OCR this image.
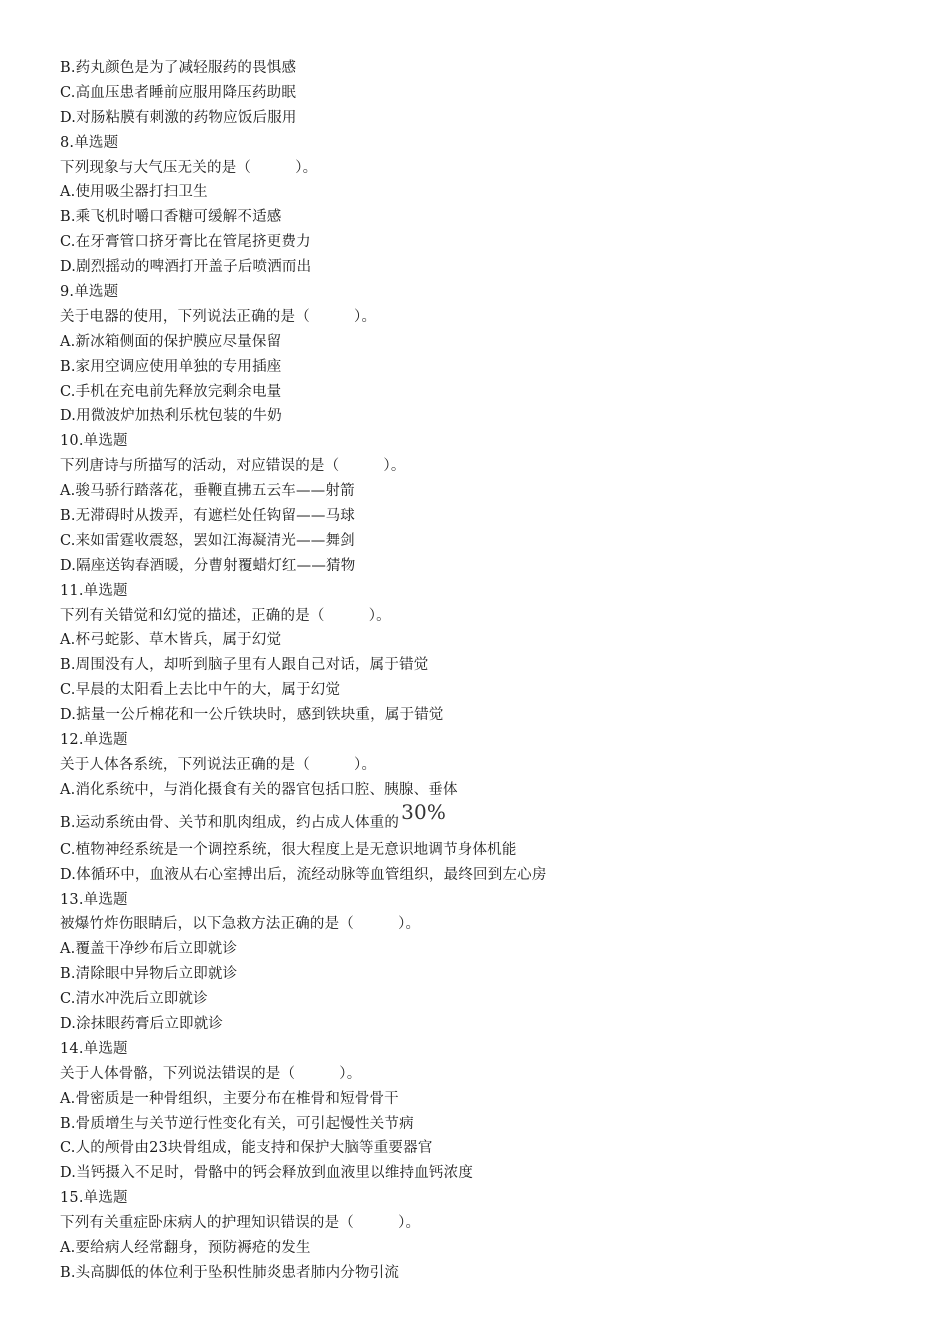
B.药丸颜色是为了减轻服药的畏惧感
C.高血压患者睡前应服用降压药助眠
D.对肠粘膜有刺激的药物应饭后服用
8.单选题
下列现象与大气压无关的是（　　　）。
A.使用吸尘器打扫卫生
B.乘飞机时嚼口香糖可缓解不适感
C.在牙膏管口挤牙膏比在管尾挤更费力
D.剧烈摇动的啤酒打开盖子后喷洒而出
9.单选题
关于电器的使用，下列说法正确的是（　　　）。
A.新冰箱侧面的保护膜应尽量保留
B.家用空调应使用单独的专用插座
C.手机在充电前先释放完剩余电量
D.用微波炉加热利乐枕包装的牛奶
10.单选题
下列唐诗与所描写的活动，对应错误的是（　　　）。
A.骏马骄行踏落花，垂鞭直拂五云车——射箭
B.无滞碍时从拨弄，有遮栏处任钩留——马球
C.来如雷霆收震怒，罢如江海凝清光——舞剑
D.隔座送钩春酒暖，分曹射覆蜡灯红——猜物
11.单选题
下列有关错觉和幻觉的描述，正确的是（　　　）。
A.杯弓蛇影、草木皆兵，属于幻觉
B.周围没有人，却听到脑子里有人跟自己对话，属于错觉
C.早晨的太阳看上去比中午的大，属于幻觉
D.掂量一公斤棉花和一公斤铁块时，感到铁块重，属于错觉
12.单选题
关于人体各系统，下列说法正确的是（　　　）。
A.消化系统中，与消化摄食有关的器官包括口腔、胰腺、垂体
B.运动系统由骨、关节和肌肉组成，约占成人体重的 30%
C.植物神经系统是一个调控系统，很大程度上是无意识地调节身体机能
D.体循环中，血液从右心室搏出后，流经动脉等血管组织，最终回到左心房
13.单选题
被爆竹炸伤眼睛后，以下急救方法正确的是（　　　）。
A.覆盖干净纱布后立即就诊
B.清除眼中异物后立即就诊
C.清水冲洗后立即就诊
D.涂抹眼药膏后立即就诊
14.单选题
关于人体骨骼，下列说法错误的是（　　　）。
A.骨密质是一种骨组织，主要分布在椎骨和短骨骨干
B.骨质增生与关节逆行性变化有关，可引起慢性关节病
C.人的颅骨由23块骨组成，能支持和保护大脑等重要器官
D.当钙摄入不足时，骨骼中的钙会释放到血液里以维持血钙浓度
15.单选题
下列有关重症卧床病人的护理知识错误的是（　　　）。
A.要给病人经常翻身，预防褥疮的发生
B.头高脚低的体位利于坠积性肺炎患者肺内分物引流
